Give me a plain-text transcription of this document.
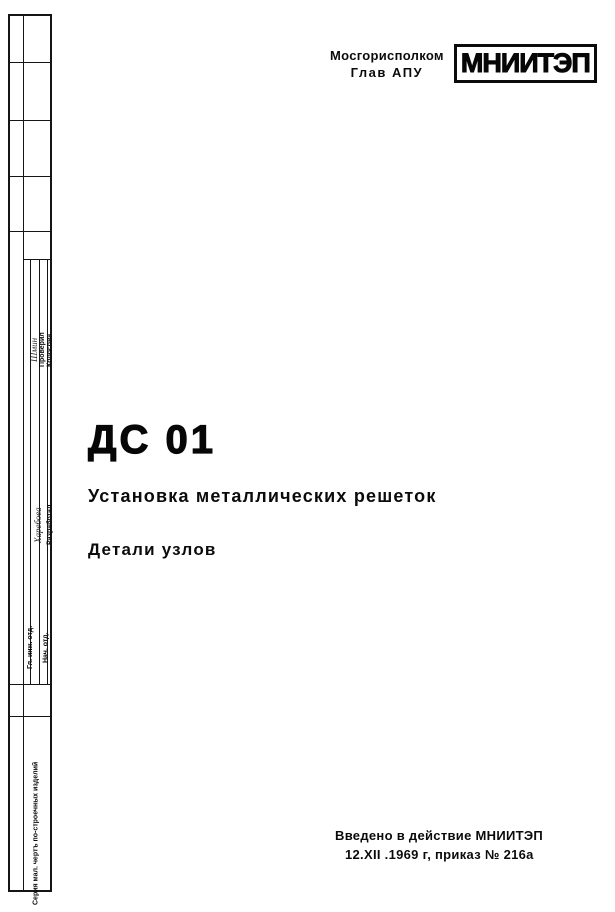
Колосова
Проверил
Шмин
Разработал
Харебова
Нач. отд.
Гл. инж. отд.
Серия мал. чертъ по-строечных изделий
Мосгорисполком
Глав АПУ	МНИИТЭП
ДС 01
Установка металлических решеток
Детали узлов
Введено в действие МНИИТЭП
12.XII .1969 г, приказ № 216а
